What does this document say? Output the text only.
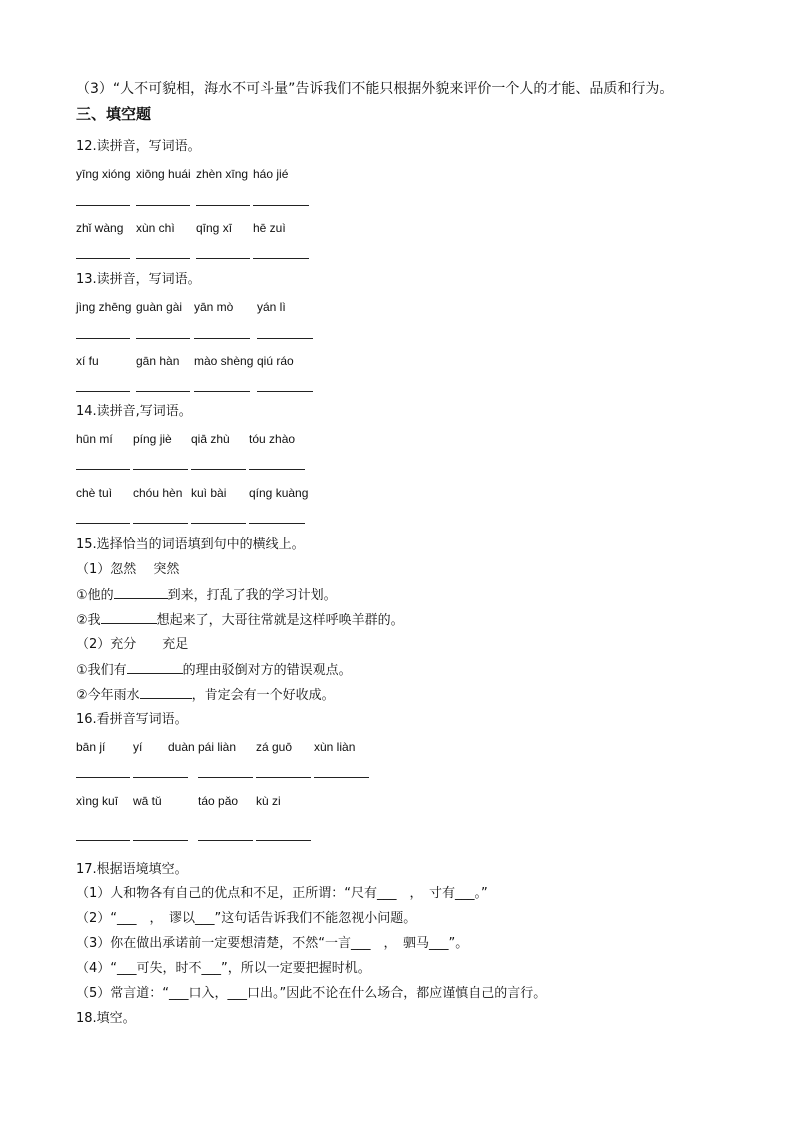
（3）“人不可貌相，海水不可斗量”告诉我们不能只根据外貌来评价一个人的才能、品质和行为。
三、填空题
12.读拼音，写词语。
yīng xióng xiōng huái zhèn xīng háo jié
zhǐ wàng xùn chì qīng xī hē zuì
13.读拼音，写词语。
jìng zhēng guàn gài yān mò yán lì
xí fu	gān hàn mào shèng qiú ráo
14.读拼音,写词语。
hūn mí píng jiè qiā zhù tóu zhào
chè tuì chóu hèn kuì bài qíng kuàng
15.选择恰当的词语填到句中的横线上。
（1）忽然　 突然
①他的	到来，打乱了我的学习计划。
②我	想起来了，大哥往常就是这样呼唤羊群的。
（2）充分　　充足
①我们有	的理由驳倒对方的错误观点。
②今年雨水	，肯定会有一个好收成。
16.看拼音写词语。
bān jí yí duàn pái liàn zá guō xùn liàn
xìng kuī wā tǔ	táo pǎo kù zi
17.根据语境填空。
（1）人和物各有自己的优点和不足，正所谓：“尺有___　，　寸有___。”
（2）“___　，　谬以___”这句话告诉我们不能忽视小问题。
（3）你在做出承诺前一定要想清楚，不然“一言___　，　驷马___”。
（4）“___可失，时不___”，所以一定要把握时机。
（5）常言道：“___口入，___口出。”因此不论在什么场合，都应谨慎自己的言行。
18.填空。
